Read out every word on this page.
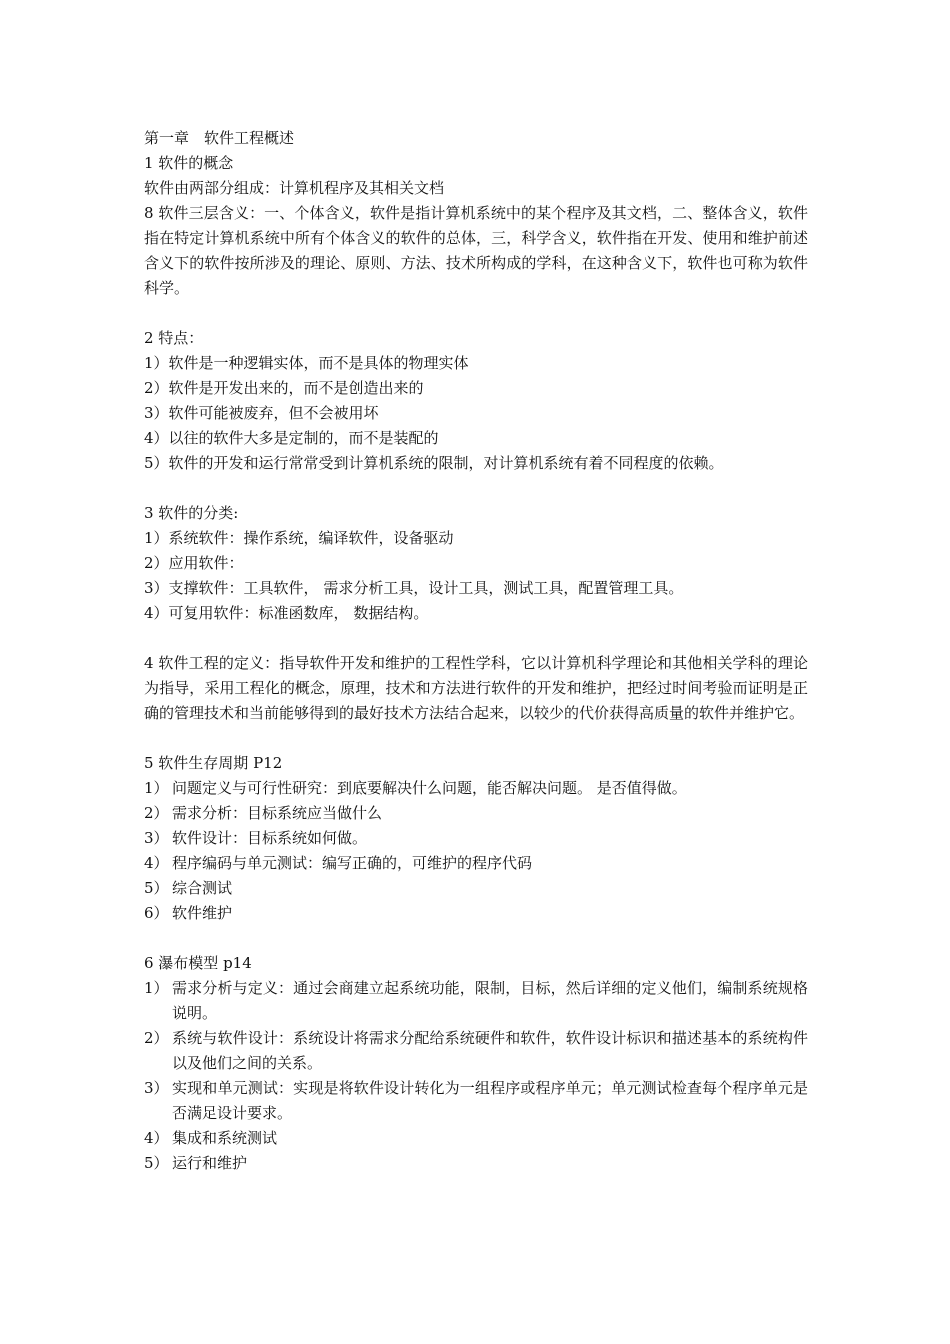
第一章　软件工程概述

1 软件的概念

软件由两部分组成：计算机程序及其相关文档

8 软件三层含义：一、个体含义，软件是指计算机系统中的某个程序及其文档，二、整体含义，软件指在特定计算机系统中所有个体含义的软件的总体，三，科学含义，软件指在开发、使用和维护前述含义下的软件按所涉及的理论、原则、方法、技术所构成的学科，在这种含义下，软件也可称为软件科学。

2 特点：

1）软件是一种逻辑实体，而不是具体的物理实体

2）软件是开发出来的，而不是创造出来的

3）软件可能被废弃，但不会被用坏

4）以往的软件大多是定制的，而不是装配的

5）软件的开发和运行常常受到计算机系统的限制，对计算机系统有着不同程度的依赖。

3 软件的分类:

1）系统软件：操作系统，编译软件，设备驱动

2）应用软件：

3）支撑软件：工具软件， 需求分析工具，设计工具，测试工具，配置管理工具。

4）可复用软件：标准函数库， 数据结构。

4 软件工程的定义：指导软件开发和维护的工程性学科，它以计算机科学理论和其他相关学科的理论为指导，采用工程化的概念，原理，技术和方法进行软件的开发和维护，把经过时间考验而证明是正确的管理技术和当前能够得到的最好技术方法结合起来，以较少的代价获得高质量的软件并维护它。

5 软件生存周期 P12

1） 问题定义与可行性研究：到底要解决什么问题，能否解决问题。 是否值得做。
2） 需求分析：目标系统应当做什么
3） 软件设计：目标系统如何做。
4） 程序编码与单元测试：编写正确的，可维护的程序代码
5） 综合测试
6） 软件维护

6 瀑布模型 p14

1） 需求分析与定义：通过会商建立起系统功能，限制，目标，然后详细的定义他们，编制系统规格说明。
2） 系统与软件设计：系统设计将需求分配给系统硬件和软件，软件设计标识和描述基本的系统构件以及他们之间的关系。
3） 实现和单元测试：实现是将软件设计转化为一组程序或程序单元；单元测试检查每个程序单元是否满足设计要求。
4） 集成和系统测试
5） 运行和维护
